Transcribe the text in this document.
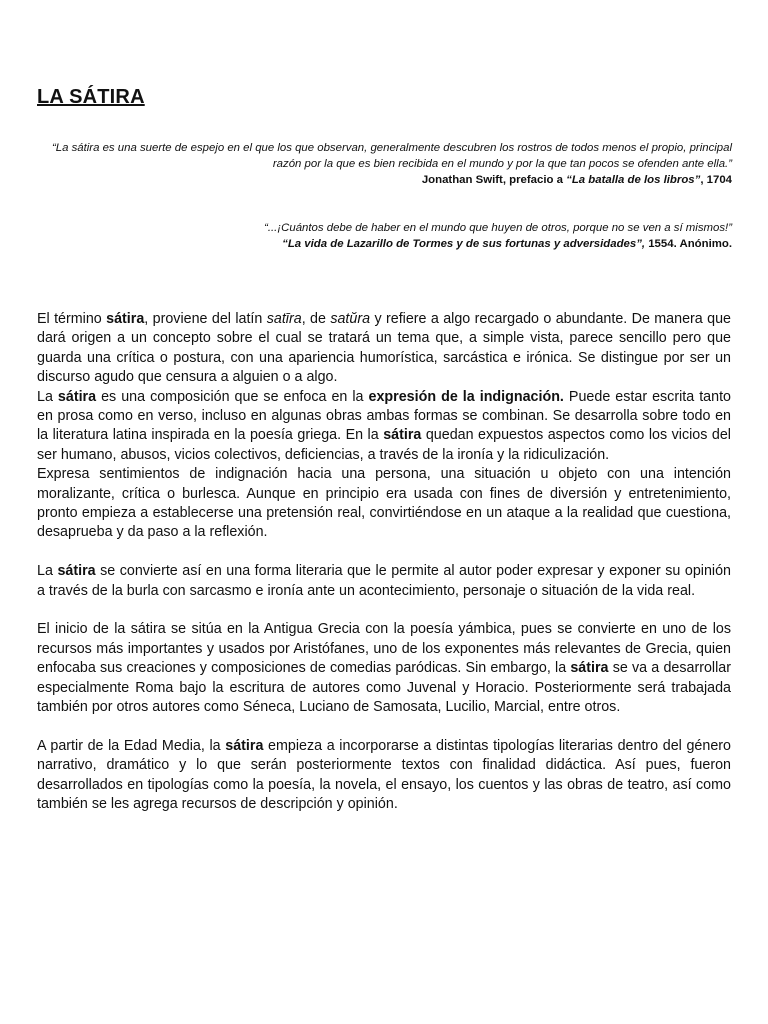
LA SÁTIRA
“La sátira es una suerte de espejo en el que los que observan, generalmente descubren los rostros de todos menos el propio, principal razón por la que es bien recibida en el mundo y por la que tan pocos se ofenden ante ella.”
Jonathan Swift, prefacio a “La batalla de los libros”, 1704
“...¡Cuántos debe de haber en el mundo que huyen de otros, porque no se ven a sí mismos!”
“La vida de Lazarillo de Tormes y de sus fortunas y adversidades”, 1554. Anónimo.

El término sátira, proviene del latín satīra, de satŭra y refiere a algo recargado o abundante. De manera que dará origen a un concepto sobre el cual se tratará un tema que, a simple vista, parece sencillo pero que guarda una crítica o postura, con una apariencia humorística, sarcástica e irónica. Se distingue por ser un discurso agudo que censura a alguien o a algo.

La sátira es una composición que se enfoca en la expresión de la indignación. Puede estar escrita tanto en prosa como en verso, incluso en algunas obras ambas formas se combinan. Se desarrolla sobre todo en la literatura latina inspirada en la poesía griega. En la sátira quedan expuestos aspectos como los vicios del ser humano, abusos, vicios colectivos, deficiencias, a través de la ironía y la ridiculización.

Expresa sentimientos de indignación hacia una persona, una situación u objeto con una intención moralizante, crítica o burlesca. Aunque en principio era usada con fines de diversión y entretenimiento, pronto empieza a establecerse una pretensión real, convirtiéndose en un ataque a la realidad que cuestiona, desaprueba y da paso a la reflexión.

La sátira se convierte así en una forma literaria que le permite al autor poder expresar y exponer su opinión a través de la burla con sarcasmo e ironía ante un acontecimiento, personaje o situación de la vida real.

El inicio de la sátira se sitúa en la Antigua Grecia con la poesía yámbica, pues se convierte en uno de los recursos más importantes y usados por Aristófanes, uno de los exponentes más relevantes de Grecia, quien enfocaba sus creaciones y composiciones de comedias paródicas. Sin embargo, la sátira se va a desarrollar especialmente Roma bajo la escritura de autores como Juvenal y Horacio. Posteriormente será trabajada también por otros autores como Séneca, Luciano de Samosata, Lucilio, Marcial, entre otros.

A partir de la Edad Media, la sátira empieza a incorporarse a distintas tipologías literarias dentro del género narrativo, dramático y lo que serán posteriormente textos con finalidad didáctica. Así pues, fueron desarrollados en tipologías como la poesía, la novela, el ensayo, los cuentos y las obras de teatro, así como también se les agrega recursos de descripción y opinión.
